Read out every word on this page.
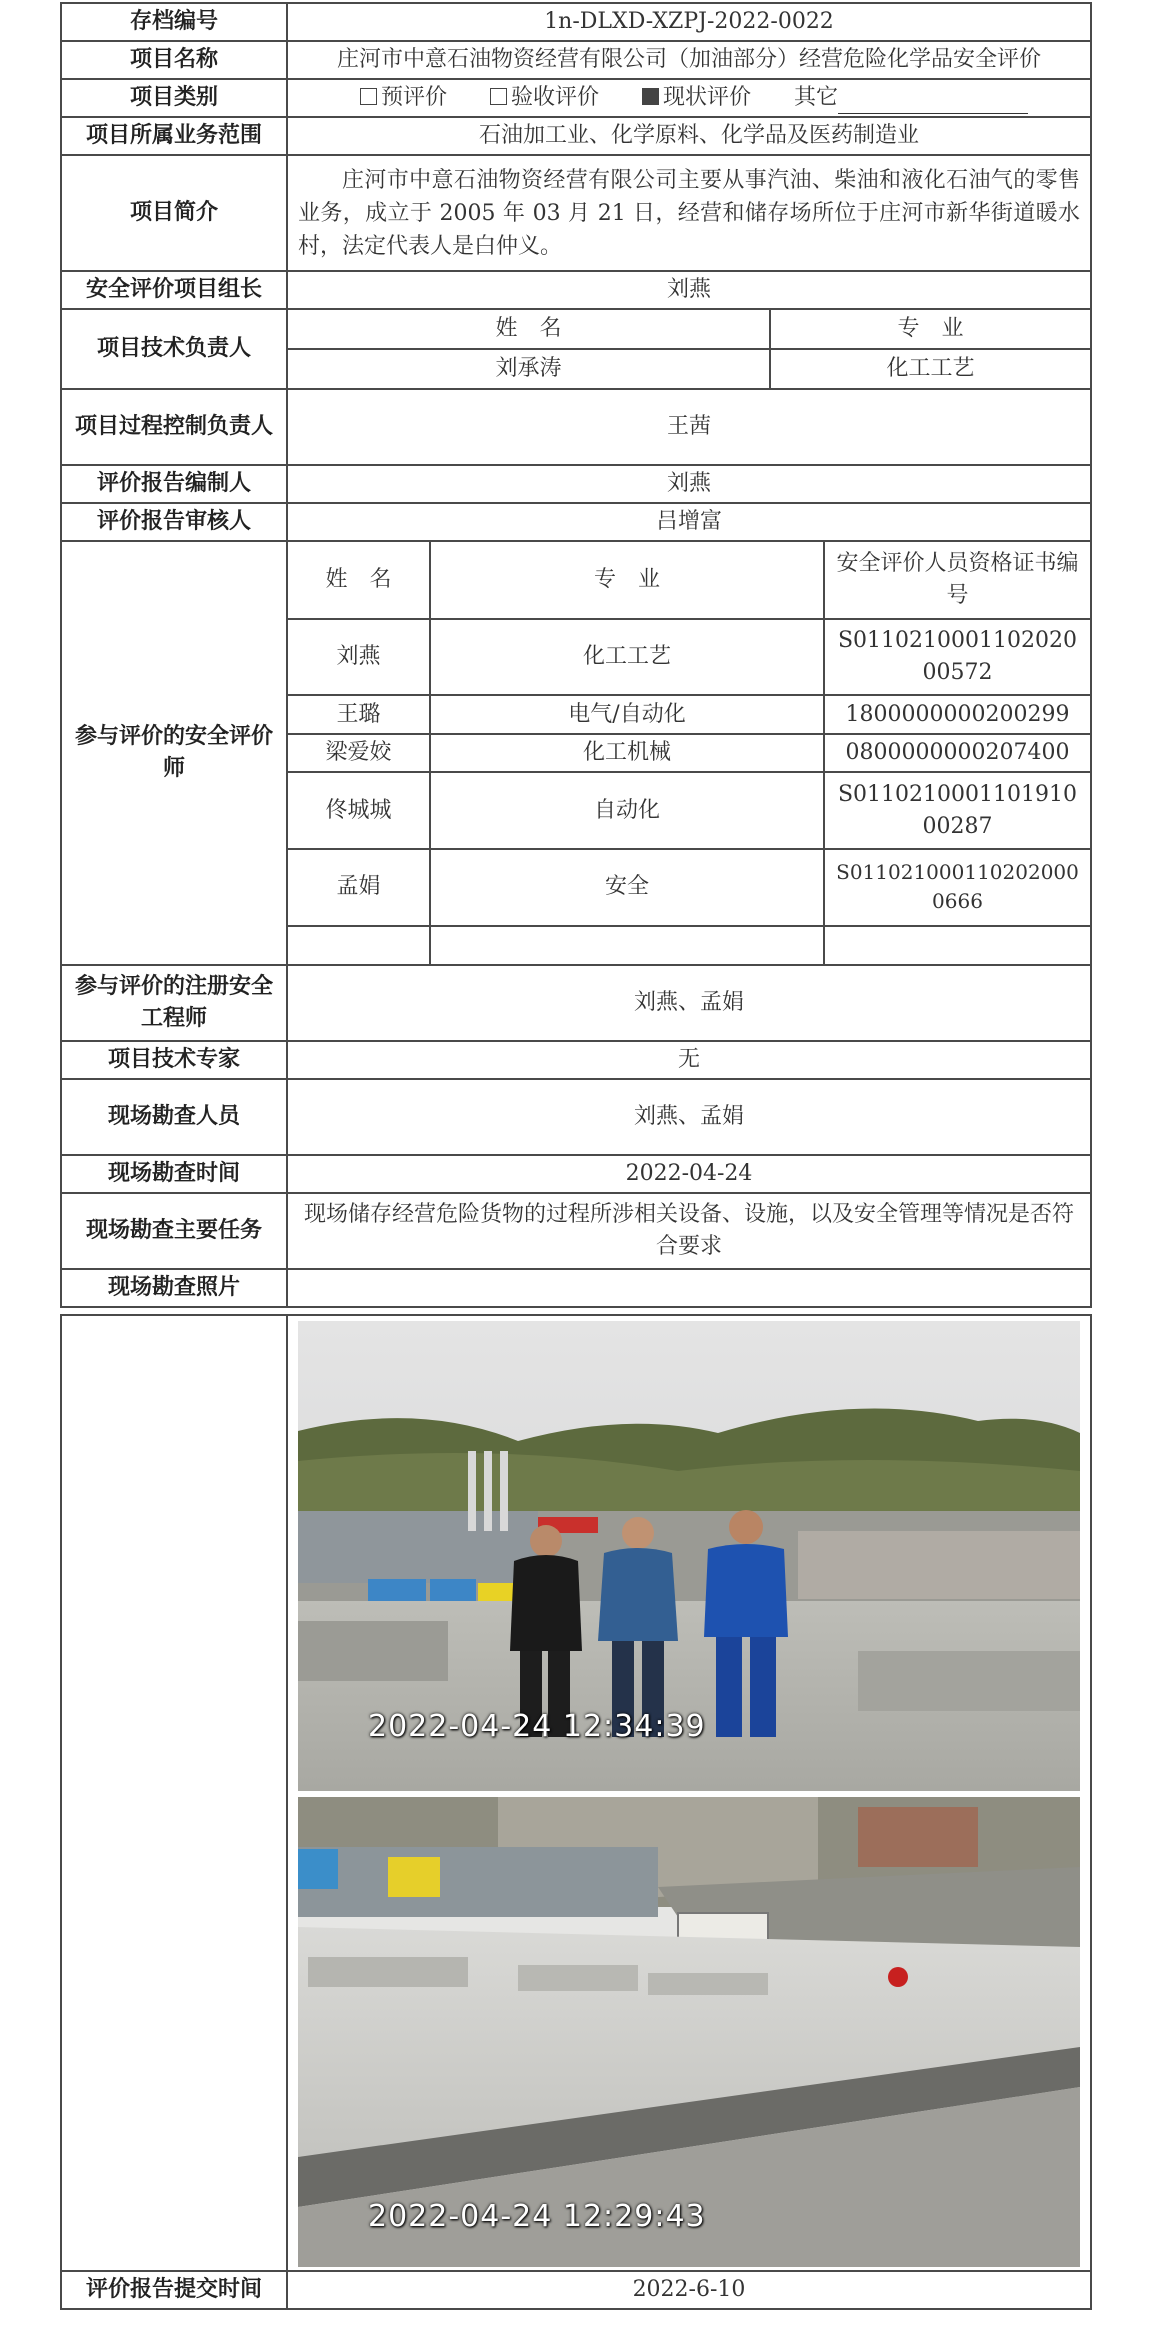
存档编号	1n-DLXD-XZPJ-2022-0022
项目名称	庄河市中意石油物资经营有限公司（加油部分）经营危险化学品安全评价
项目类别	预评价	验收评价	现状评价 其它
项目所属业务范围	石油加工业、化学原料、化学品及医药制造业
项目简介	
庄河市中意石油物资经营有限公司主要从事汽油、柴油和液化石油气的零售业务，成立于 2005 年 03 月 21 日，经营和储存场所位于庄河市新华街道暖水村，法定代表人是白仲义。

安全评价项目组长	刘燕
项目技术负责人	
姓　名	专　业
刘承涛	化工工艺

项目过程控制负责人	王茜
评价报告编制人	刘燕
评价报告审核人	吕增富
参与评价的安全评价师	
姓　名	专　业	安全评价人员资格证书编号
刘燕	化工工艺	S011021000110202000572
王璐	电气/自动化	1800000000200299
梁爱姣	化工机械	0800000000207400
佟城城	自动化	S011021000110191000287
孟娟	安全	S0110210001102020000666

参与评价的注册安全工程师	刘燕、孟娟
项目技术专家	无
现场勘查人员	刘燕、孟娟
现场勘查时间	2022-04-24
现场勘查主要任务	现场储存经营危险货物的过程所涉相关设备、设施，以及安全管理等情况是否符合要求
现场勘查照片	

	2022-04-24 12:34:39
2022-04-24 12:29:43

评价报告提交时间	2022-6-10
